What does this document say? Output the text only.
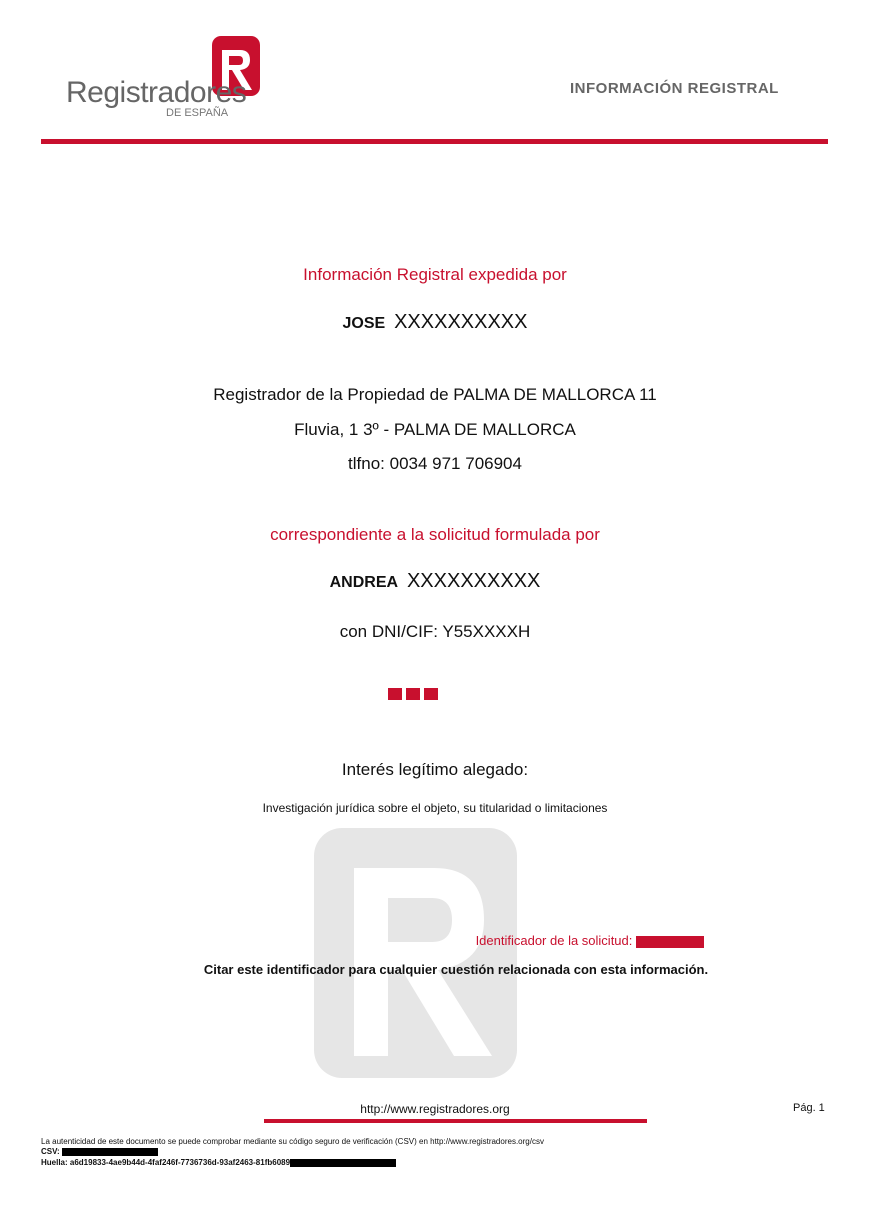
Registradores
DE ESPAÑA
INFORMACIÓN REGISTRAL
Información Registral expedida por
JOSE XXXXXXXXXX
Registrador de la Propiedad de PALMA DE MALLORCA 11
Fluvia, 1 3º - PALMA DE MALLORCA
tlfno: 0034 971 706904
correspondiente a la solicitud formulada por
ANDREA XXXXXXXXXX
con DNI/CIF: Y55XXXXH
Interés legítimo alegado:
Investigación jurídica sobre el objeto, su titularidad o limitaciones
Identificador de la solicitud:
Citar este identificador para cualquier cuestión relacionada con esta información.
http://www.registradores.org	Pág. 1
La autenticidad de este documento se puede comprobar mediante su código seguro de verificación (CSV) en http://www.registradores.org/csv
CSV:
Huella: a6d19833-4ae9b44d-4faf246f-7736736d-93af2463-81fb6089
